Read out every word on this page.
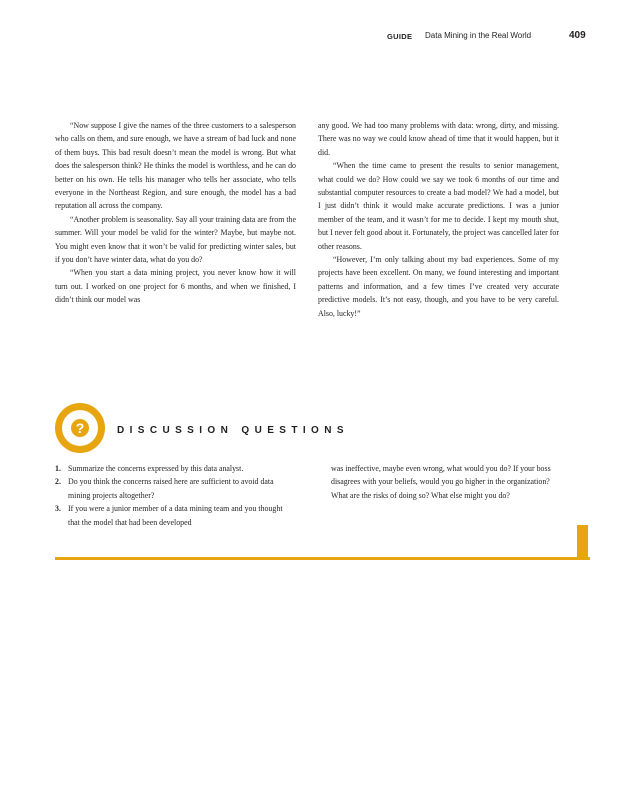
GUIDE Data Mining in the Real World	409

“Now suppose I give the names of the three customers to a salesperson who calls on them, and sure enough, we have a stream of bad luck and none of them buys. This bad result doesn’t mean the model is wrong. But what does the salesperson think? He thinks the model is worthless, and he can do better on his own. He tells his manager who tells her associate, who tells everyone in the Northeast Region, and sure enough, the model has a bad reputation all across the company.

“Another problem is seasonality. Say all your training data are from the summer. Will your model be valid for the winter? Maybe, but maybe not. You might even know that it won’t be valid for predicting winter sales, but if you don’t have winter data, what do you do?

“When you start a data mining project, you never know how it will turn out. I worked on one project for 6 months, and when we finished, I didn’t think our model was

any good. We had too many problems with data: wrong, dirty, and missing. There was no way we could know ahead of time that it would happen, but it did.

“When the time came to present the results to senior management, what could we do? How could we say we took 6 months of our time and substantial computer resources to create a bad model? We had a model, but I just didn’t think it would make accurate predictions. I was a junior member of the team, and it wasn’t for me to decide. I kept my mouth shut, but I never felt good about it. Fortunately, the project was cancelled later for other reasons.

“However, I’m only talking about my bad experiences. Some of my projects have been excellent. On many, we found interesting and important patterns and information, and a few times I’ve created very accurate predictive models. It’s not easy, though, and you have to be very careful. Also, lucky!”

?	DISCUSSION QUESTIONS
1. Summarize the concerns expressed by this data analyst.
2. Do you think the concerns raised here are sufficient to avoid data mining projects altogether?
3. If you were a junior member of a data mining team and you thought that the model that had been developed
was ineffective, maybe even wrong, what would you do? If your boss disagrees with your beliefs, would you go higher in the organization? What are the risks of doing so? What else might you do?
